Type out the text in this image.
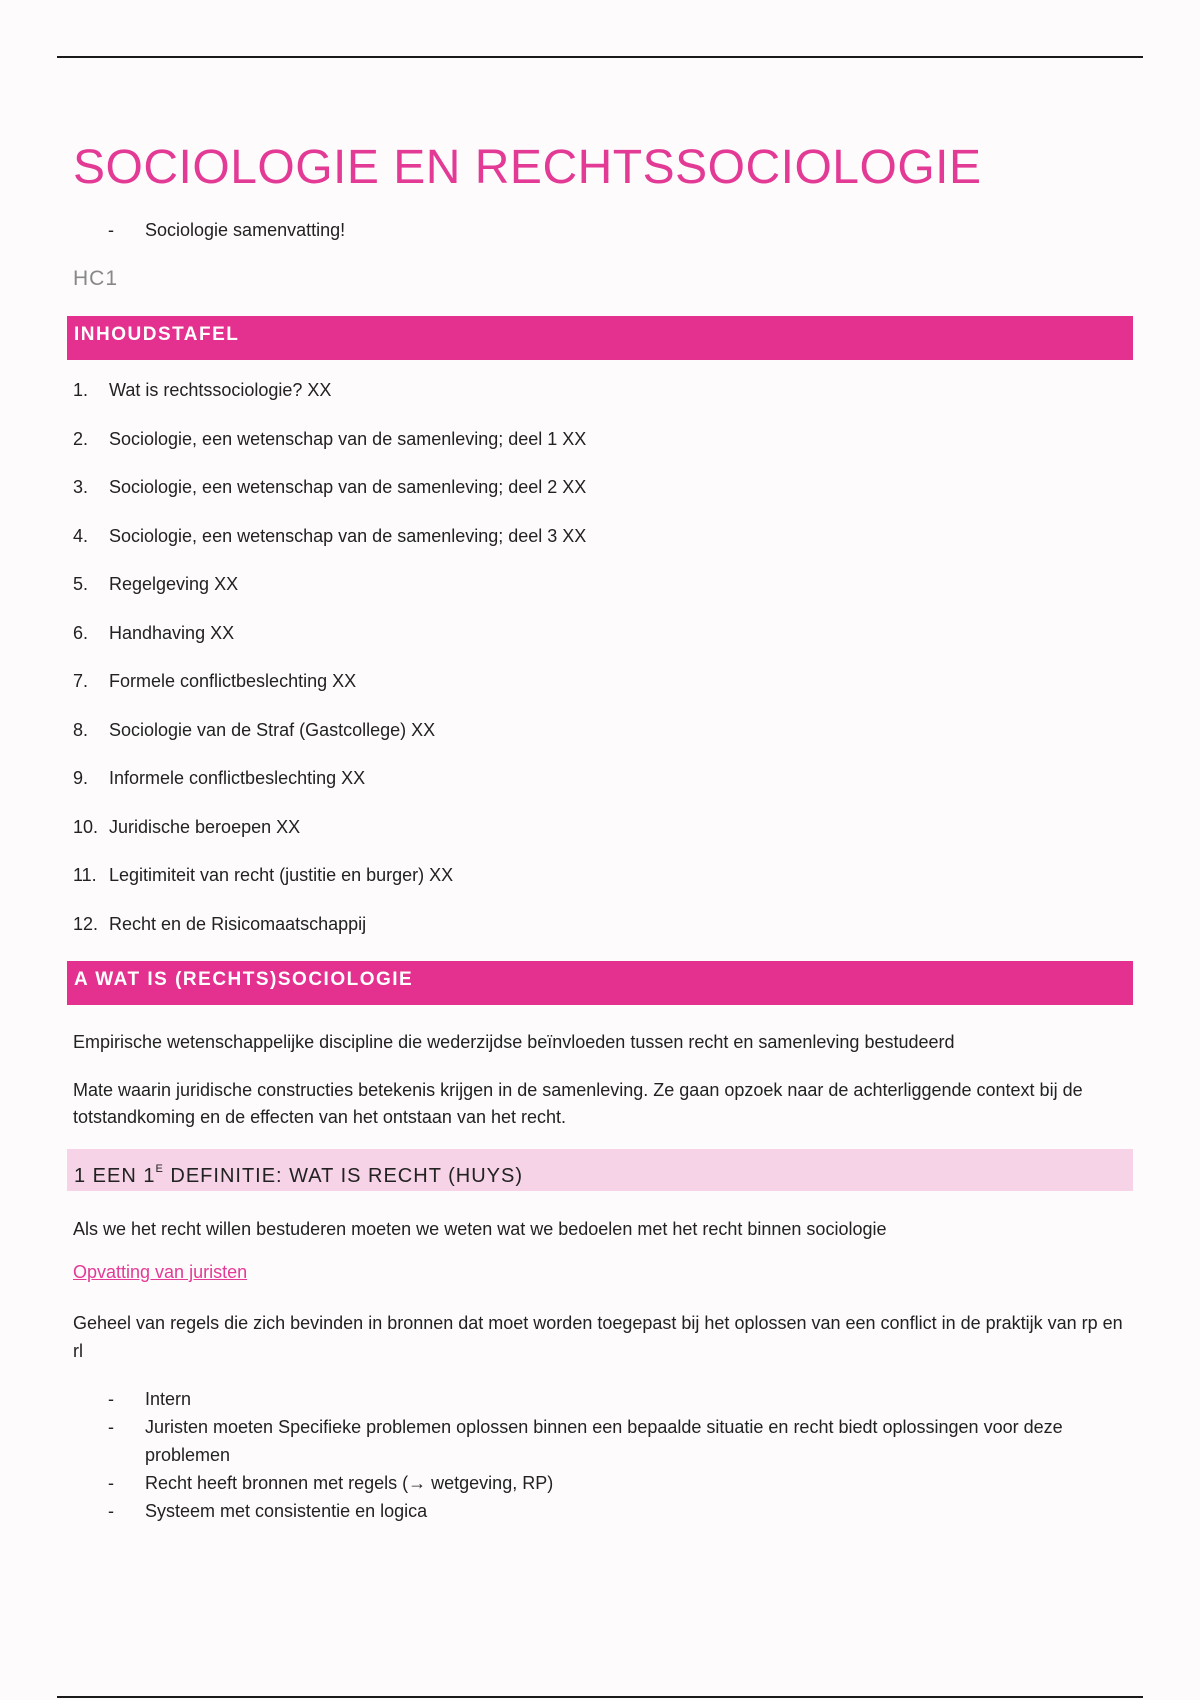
SOCIOLOGIE EN RECHTSSOCIOLOGIE
- Sociologie samenvatting!
HC1
INHOUDSTAFEL
1. Wat is rechtssociologie? XX
2. Sociologie, een wetenschap van de samenleving; deel 1 XX
3. Sociologie, een wetenschap van de samenleving; deel 2 XX
4. Sociologie, een wetenschap van de samenleving; deel 3 XX
5. Regelgeving XX
6. Handhaving XX
7. Formele conflictbeslechting XX
8. Sociologie van de Straf (Gastcollege) XX
9. Informele conflictbeslechting XX
10. Juridische beroepen XX
11. Legitimiteit van recht (justitie en burger) XX
12. Recht en de Risicomaatschappij
A WAT IS (RECHTS)SOCIOLOGIE
Empirische wetenschappelijke discipline die wederzijdse beïnvloeden tussen recht en samenleving bestudeerd
Mate waarin juridische constructies betekenis krijgen in de samenleving. Ze gaan opzoek naar de achterliggende context bij de totstandkoming en de effecten van het ontstaan van het recht.
1 EEN $1^E$ DEFINITIE: WAT IS RECHT (HUYS)
Als we het recht willen bestuderen moeten we weten wat we bedoelen met het recht binnen sociologie
Opvatting van juristen
Geheel van regels die zich bevinden in bronnen dat moet worden toegepast bij het oplossen van een conflict in de praktijk van rp en rl
-	Intern
-	Juristen moeten Specifieke problemen oplossen binnen een bepaalde situatie en recht biedt oplossingen voor deze problemen
-	Recht heeft bronnen met regels (→ wetgeving, RP)
-	Systeem met consistentie en logica
